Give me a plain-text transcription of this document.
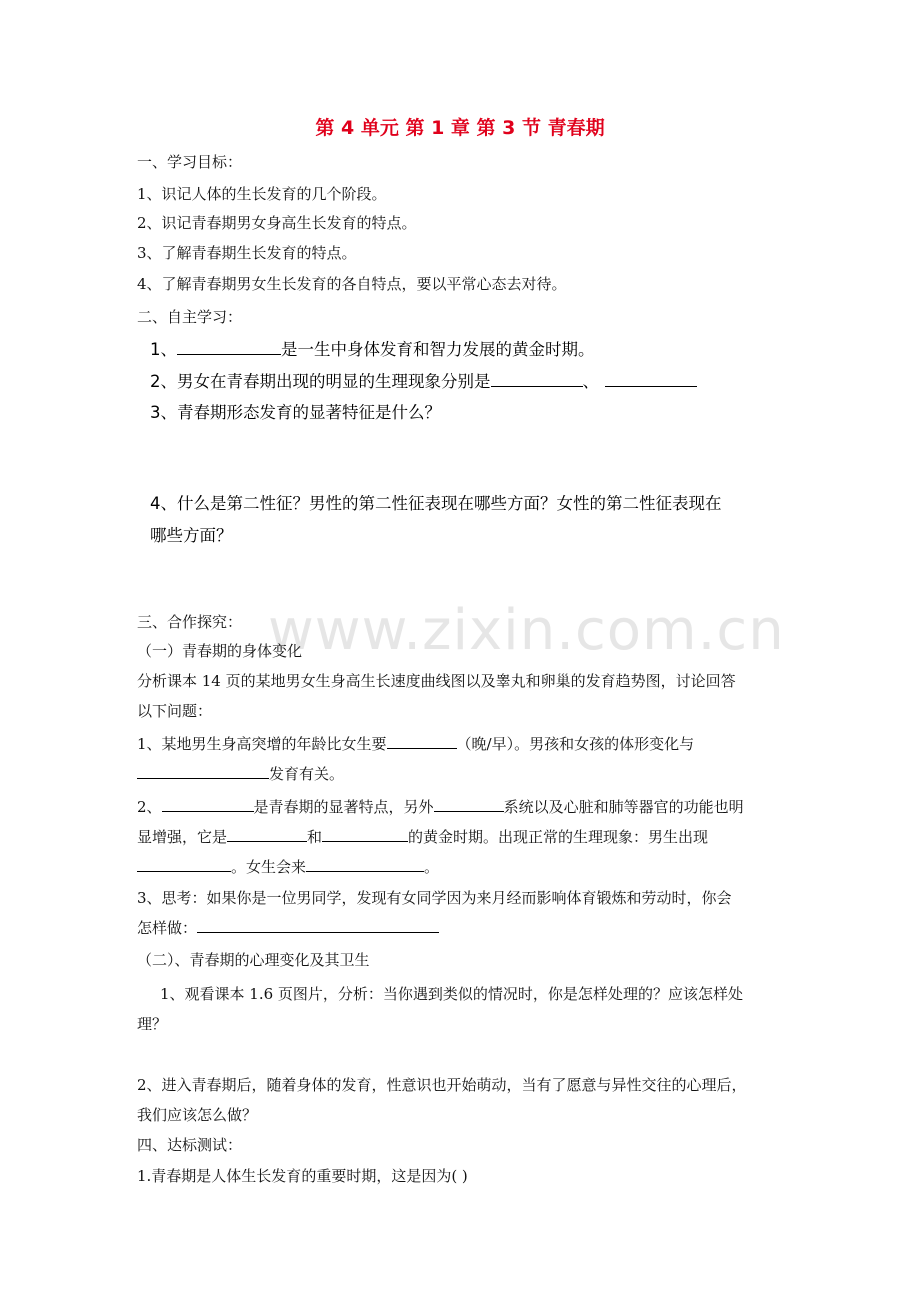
www.zixin.com.cn
第 4 单元 第 1 章 第 3 节 青春期
一、学习目标：
1、识记人体的生长发育的几个阶段。
2、识记青春期男女身高生长发育的特点。
3、了解青春期生长发育的特点。
4、了解青春期男女生长发育的各自特点，要以平常心态去对待。
二、自主学习：
1、	是一生中身体发育和智力发展的黄金时期。
2、男女在青春期出现的明显的生理现象分别是	、
3、青春期形态发育的显著特征是什么？
4、什么是第二性征？男性的第二性征表现在哪些方面？女性的第二性征表现在
哪些方面？
三、合作探究：
（一）青春期的身体变化
分析课本 14 页的某地男女生身高生长速度曲线图以及睾丸和卵巢的发育趋势图，讨论回答
以下问题：
1、某地男生身高突增的年龄比女生要	（晚/早）。男孩和女孩的体形变化与
发育有关。
2、	是青春期的显著特点，另外	系统以及心脏和肺等器官的功能也明
显增强，它是	和	的黄金时期。出现正常的生理现象：男生出现
。女生会来	。
3、思考：如果你是一位男同学，发现有女同学因为来月经而影响体育锻炼和劳动时，你会
怎样做：
（二）、青春期的心理变化及其卫生
1、观看课本 1.6 页图片，分析：当你遇到类似的情况时，你是怎样处理的？应该怎样处
理？
2、进入青春期后，随着身体的发育，性意识也开始萌动，当有了愿意与异性交往的心理后，
我们应该怎么做？
四、达标测试：
1.青春期是人体生长发育的重要时期，这是因为( )
